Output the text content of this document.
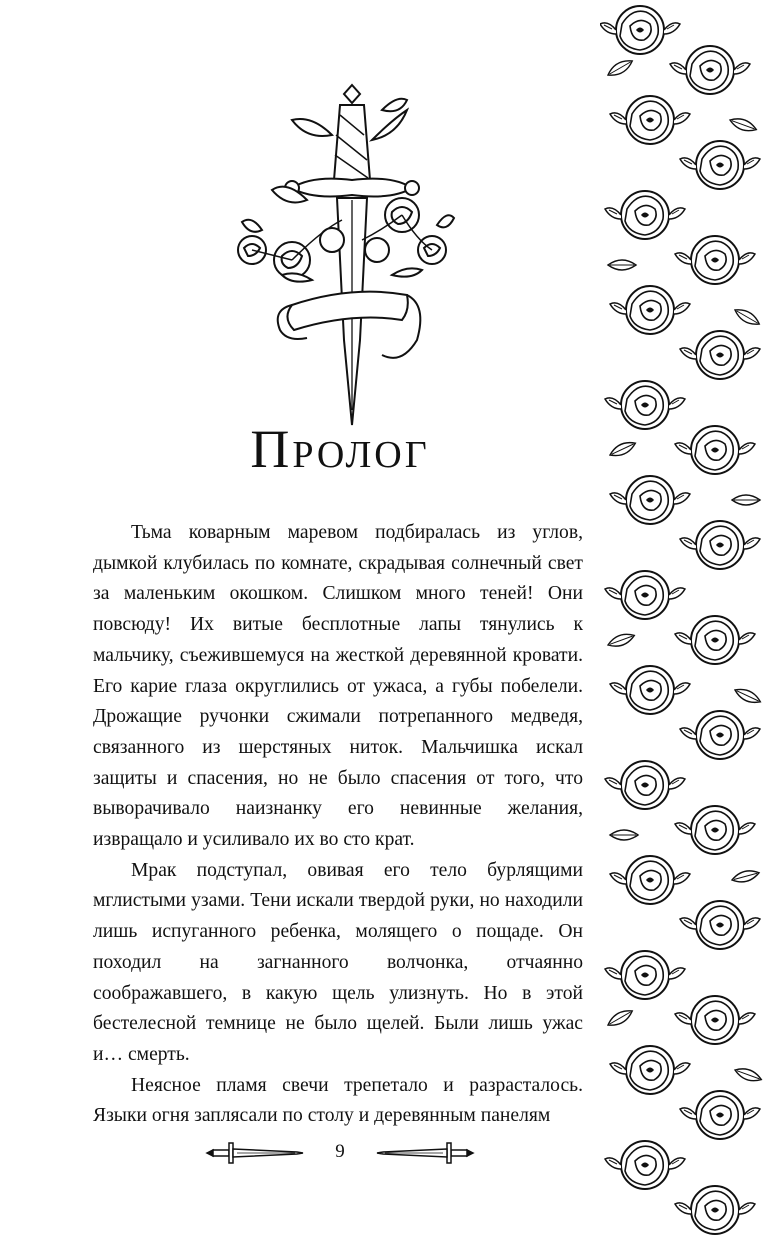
Пролог

Тьма коварным маревом подбиралась из углов, дымкой клубилась по комнате, скрадывая солнечный свет за маленьким окошком. Слишком много теней! Они повсюду! Их витые бесплотные лапы тянулись к мальчику, съежившемуся на жесткой деревянной кровати. Его карие глаза округлились от ужаса, а губы побелели. Дрожащие ручонки сжимали потрепанного медведя, связанного из шерстяных ниток. Мальчишка искал защиты и спасения, но не было спасения от того, что выворачивало наизнанку его невинные желания, извращало и усиливало их во сто крат.

Мрак подступал, овивая его тело бурлящими мглистыми узами. Тени искали твердой руки, но находили лишь испуганного ребенка, молящего о пощаде. Он походил на загнанного волчонка, отчаянно соображавшего, в какую щель улизнуть. Но в этой бестелесной темнице не было щелей. Были лишь ужас и… смерть.

Неясное пламя свечи трепетало и разрасталось. Языки огня заплясали по столу и деревянным панелям

9
